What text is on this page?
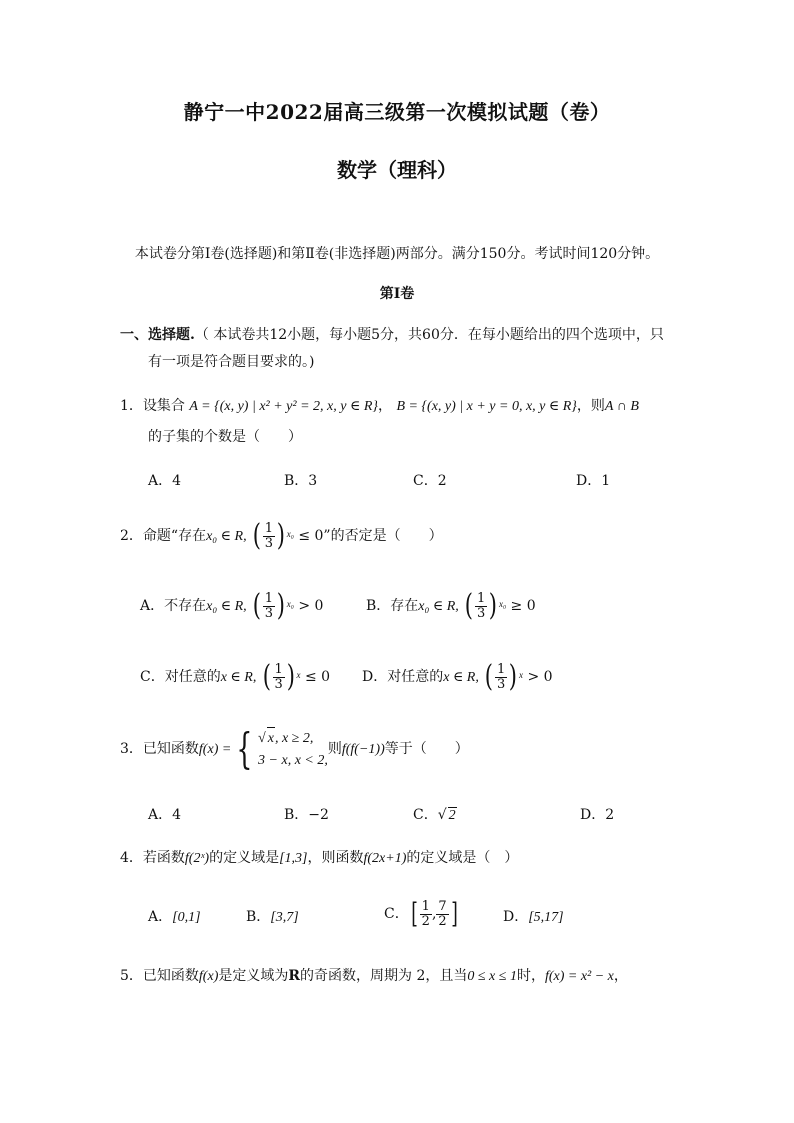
静宁一中2022届高三级第一次模拟试题（卷）
数学（理科）
本试卷分第Ⅰ卷(选择题)和第Ⅱ卷(非选择题)两部分。满分150分。考试时间120分钟。
第Ⅰ卷
一、选择题.（ 本试卷共12小题，每小题5分，共60分．在每小题给出的四个选项中，只
有一项是符合题目要求的。)
1．设集合 A = {(x, y) | x² + y² = 2, x, y ∈ R}， B = {(x, y) | x + y = 0, x, y ∈ R}，则A ∩ B
的子集的个数是（　　）
A．4	B．3	C．2	D．1
2．命题“存在x₀ ∈ R, ( $\frac{1}{3}$ ) $^{x_0}$ ≤ 0”的否定是（　　）
A．不存在x₀ ∈ R, ( $\frac{1}{3}$ ) $^{x_0}$ > 0	B．存在x₀ ∈ R, ( $\frac{1}{3}$ ) $^{x_0}$ ≥ 0
C．对任意的x ∈ R, ( $\frac{1}{3}$ ) $^x$ ≤ 0 D．对任意的x ∈ R, ( $\frac{1}{3}$ ) $^x$ > 0
3．已知函数f(x) = { √ x, x ≥ 2,
3 − x, x < 2,
则f(f(−1))等于（　　）
A．4	B．−2	C．√ 2	D．2
4．若函数f(2ˣ)的定义域是[1,3]，则函数f(2x+1)的定义域是（　）
A．[0,1]	B．[3,7]	C．[ $\frac{1}{2}$ , $\frac{7}{2}$ ]	D．[5,17]
5．已知函数f(x)是定义域为R的奇函数，周期为 2，且当0 ≤ x ≤ 1时，f(x) = x² − x，
